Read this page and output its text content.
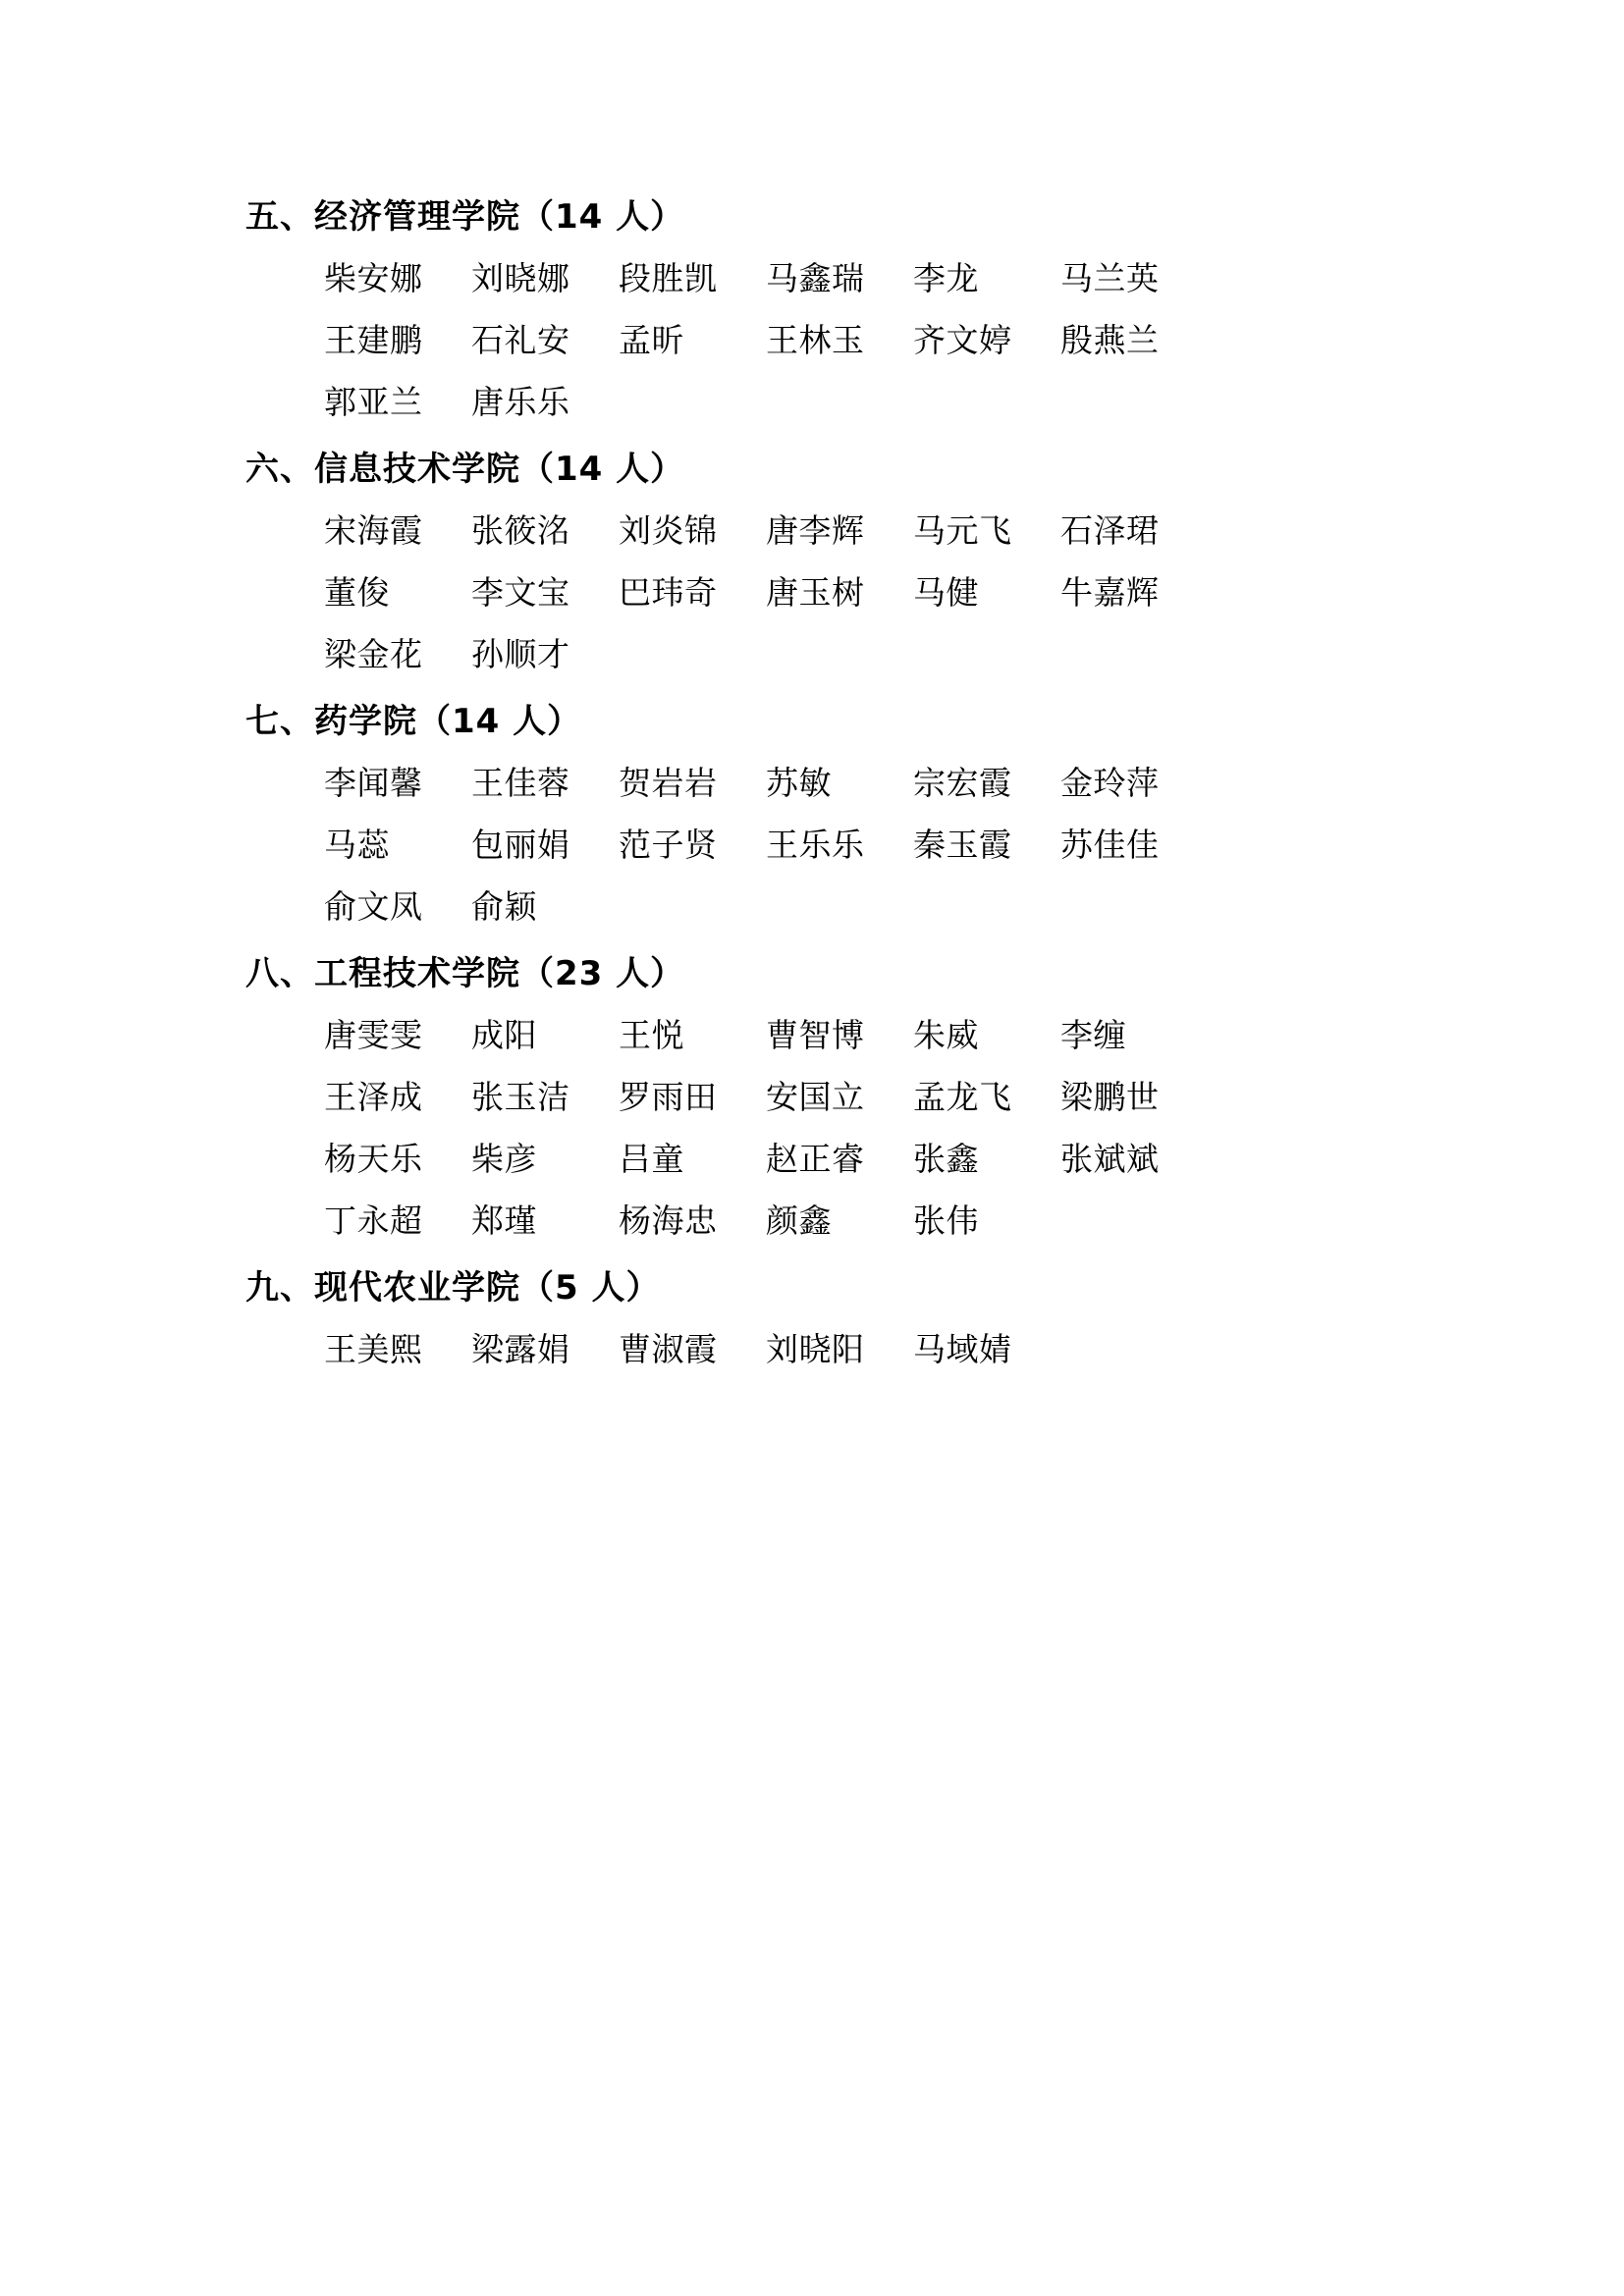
五、经济管理学院（14 人）
柴安娜	刘晓娜	段胜凯	马鑫瑞	李龙	马兰英
王建鹏	石礼安	孟昕	王林玉	齐文婷	殷燕兰
郭亚兰	唐乐乐
六、信息技术学院（14 人）
宋海霞	张筱洺	刘炎锦	唐李辉	马元飞	石泽珺
董俊	李文宝	巴玮奇	唐玉树	马健	牛嘉辉
梁金花	孙顺才
七、药学院（14 人）
李闻馨	王佳蓉	贺岩岩	苏敏	宗宏霞	金玲萍
马蕊	包丽娟	范子贤	王乐乐	秦玉霞	苏佳佳
俞文凤	俞颖
八、工程技术学院（23 人）
唐雯雯	成阳	王悦	曹智博	朱威	李缠
王泽成	张玉洁	罗雨田	安国立	孟龙飞	梁鹏世
杨天乐	柴彦	吕童	赵正睿	张鑫	张斌斌
丁永超	郑瑾	杨海忠	颜鑫	张伟
九、现代农业学院（5 人）
王美熙	梁露娟	曹淑霞	刘晓阳	马域婧
